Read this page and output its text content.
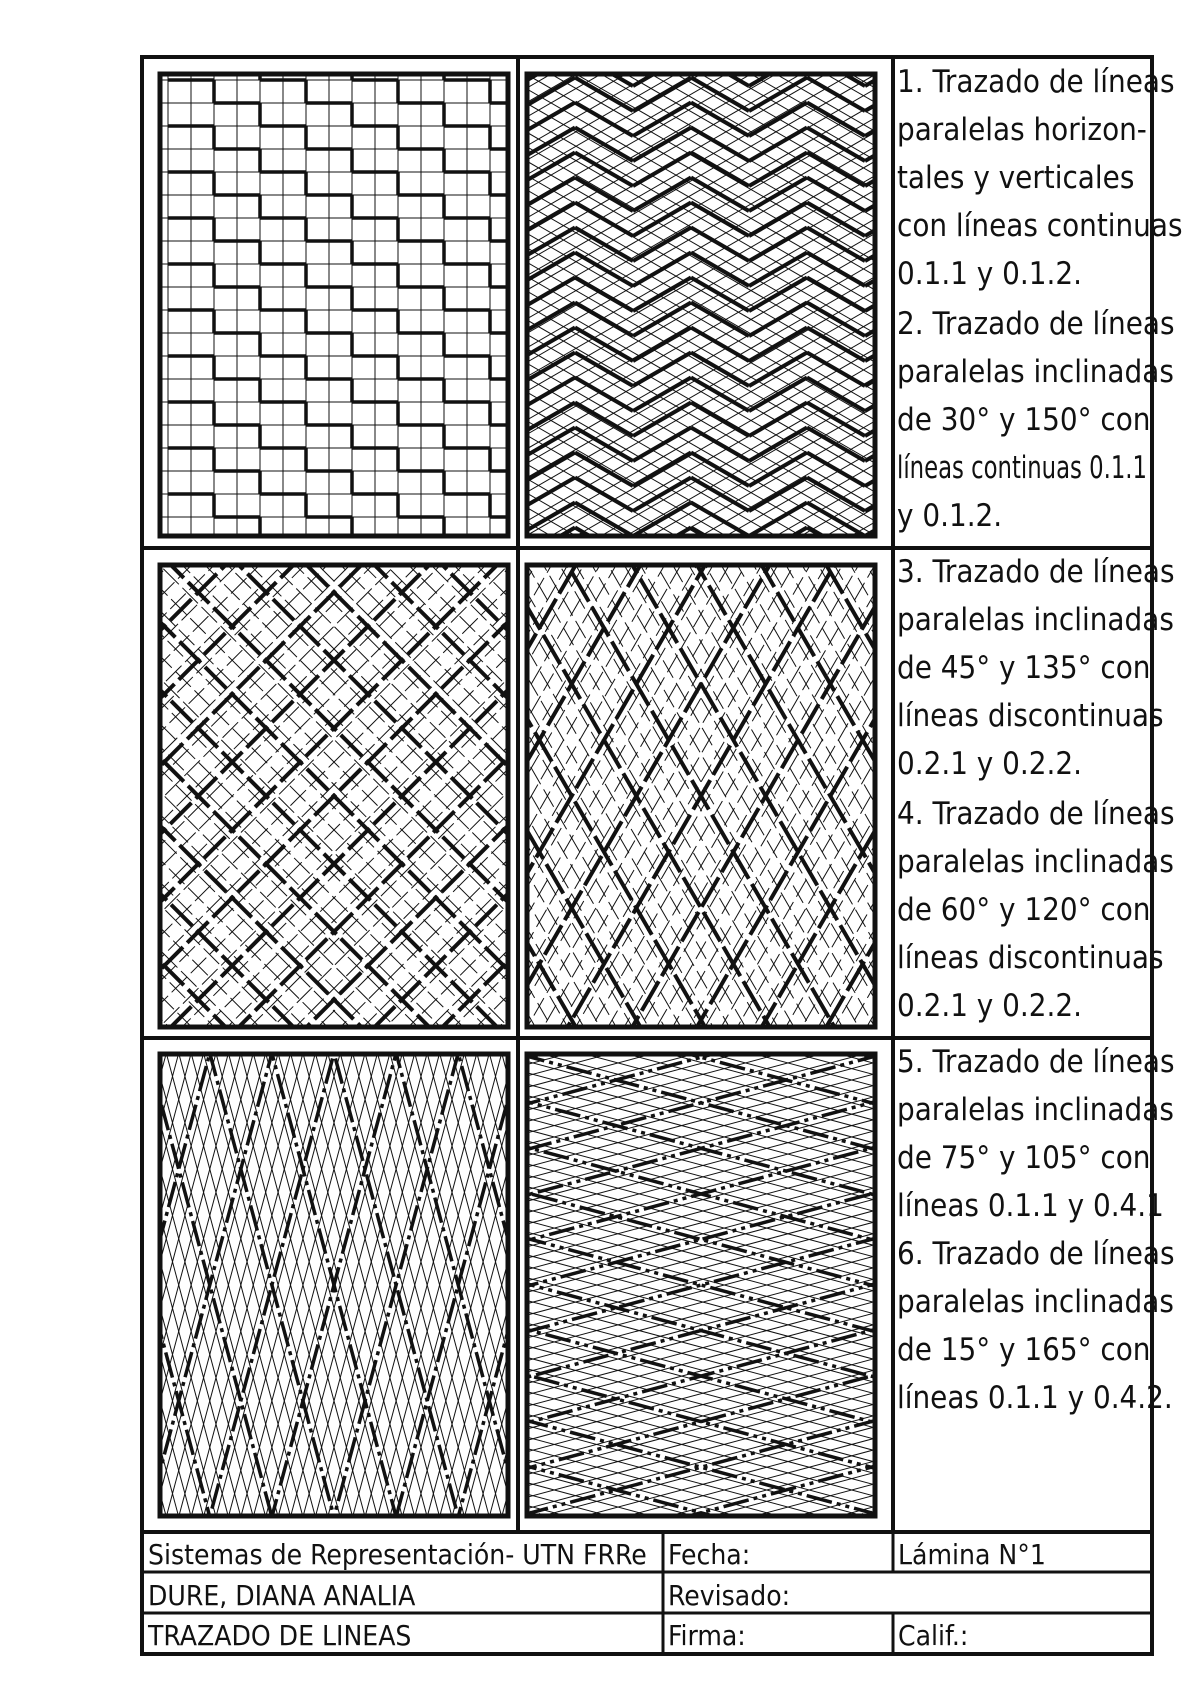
1. Trazado de líneas
paralelas horizon-
tales y verticales
con líneas continuas
0.1.1 y 0.1.2.
2. Trazado de líneas
paralelas inclinadas
de 30° y 150° con
líneas continuas 0.1.1
y 0.1.2.
3. Trazado de líneas
paralelas inclinadas
de 45° y 135° con
líneas discontinuas
0.2.1 y 0.2.2.
4. Trazado de líneas
paralelas inclinadas
de 60° y 120° con
líneas discontinuas
0.2.1 y 0.2.2.
5. Trazado de líneas
paralelas inclinadas
de 75° y 105° con
líneas 0.1.1 y 0.4.1
6. Trazado de líneas
paralelas inclinadas
de 15° y 165° con
líneas 0.1.1 y 0.4.2.
Sistemas de Representación- UTN FRRe
DURE, DIANA ANALIA
TRAZADO DE LINEAS
Fecha:
Revisado:
Firma:
Lámina N°1
Calif.:
